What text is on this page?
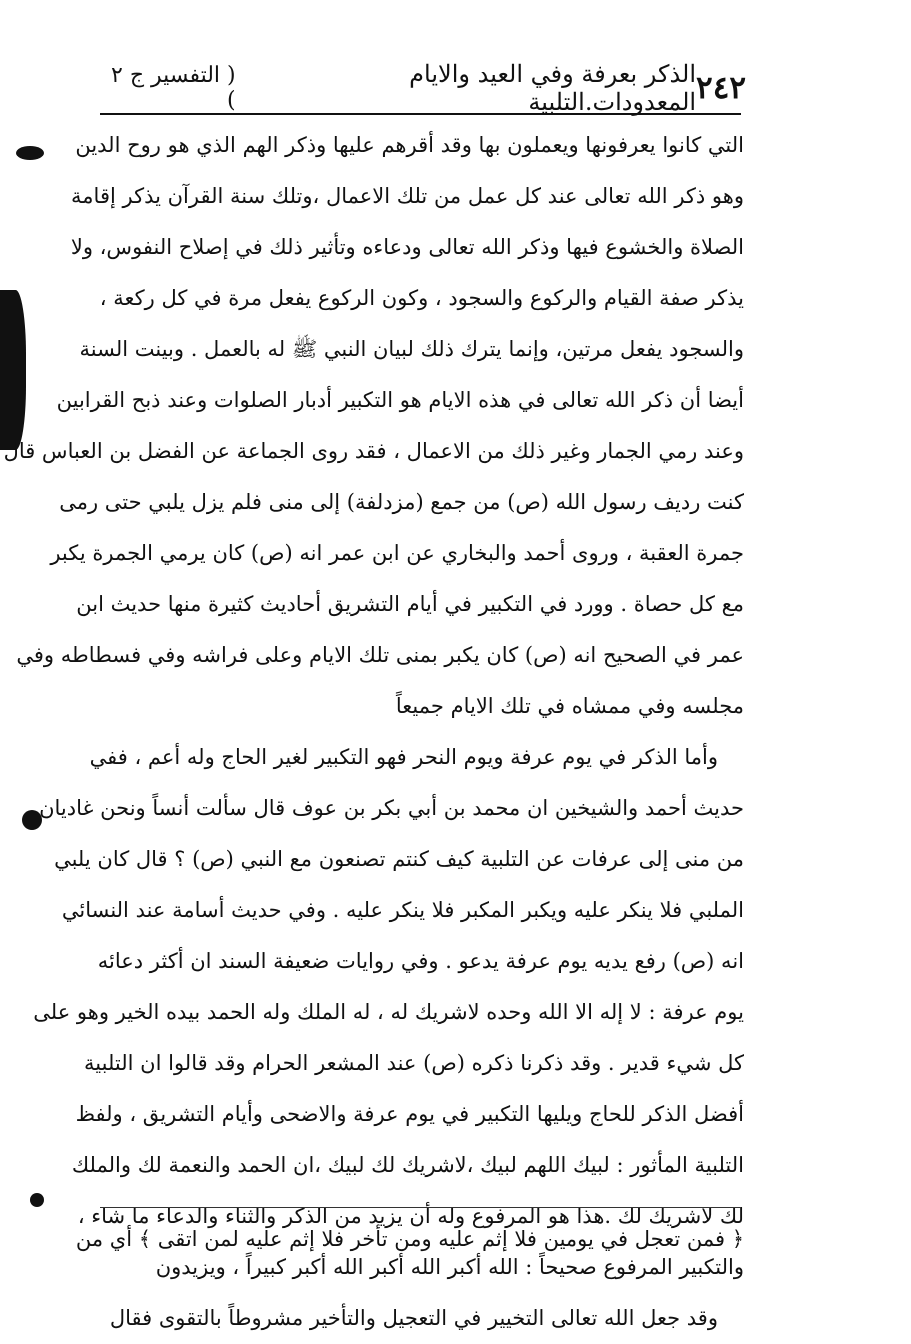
٢٤٢
الذكر بعرفة وفي العيد والايام المعدودات.التلبية
( التفسير ج ٢ )
التي كانوا يعرفونها ويعملون بها وقد أقرهم عليها وذكر الهم الذي هو روح الدين
وهو ذكر الله تعالى عند كل عمل من تلك الاعمال ،وتلك سنة القرآن يذكر إقامة
الصلاة والخشوع فيها وذكر الله تعالى ودعاءه وتأثير ذلك في إصلاح النفوس، ولا
يذكر صفة القيام والركوع والسجود ، وكون الركوع يفعل مرة في كل ركعة ،
والسجود يفعل مرتين، وإنما يترك ذلك لبيان النبي ﷺ له بالعمل . وبينت السنة
أيضا أن ذكر الله تعالى في هذه الايام هو التكبير أدبار الصلوات وعند ذبح القرابين
وعند رمي الجمار وغير ذلك من الاعمال ، فقد روى الجماعة عن الفضل بن العباس قال
كنت رديف رسول الله (ص) من جمع (مزدلفة) إلى منى فلم يزل يلبي حتى رمى
جمرة العقبة ، وروى أحمد والبخاري عن ابن عمر انه (ص) كان يرمي الجمرة يكبر
مع كل حصاة . وورد في التكبير في أيام التشريق أحاديث كثيرة منها حديث ابن
عمر في الصحيح انه (ص) كان يكبر بمنى تلك الايام وعلى فراشه وفي فسطاطه وفي
مجلسه وفي ممشاه في تلك الايام جميعاً
وأما الذكر في يوم عرفة ويوم النحر فهو التكبير لغير الحاج وله أعم ، ففي
حديث أحمد والشيخين ان محمد بن أبي بكر بن عوف قال سألت أنساً ونحن غاديان
من منى إلى عرفات عن التلبية كيف كنتم تصنعون مع النبي (ص) ؟ قال كان يلبي
الملبي فلا ينكر عليه ويكبر المكبر فلا ينكر عليه . وفي حديث أسامة عند النسائي
انه (ص) رفع يديه يوم عرفة يدعو . وفي روايات ضعيفة السند ان أكثر دعائه
يوم عرفة : لا إله الا الله وحده لاشريك له ، له الملك وله الحمد بيده الخير وهو على
كل شيء قدير . وقد ذكرنا ذكره (ص) عند المشعر الحرام وقد قالوا ان التلبية
أفضل الذكر للحاج ويليها التكبير في يوم عرفة والاضحى وأيام التشريق ، ولفظ
التلبية المأثور : لبيك اللهم لبيك ،لاشريك لك لبيك ،ان الحمد والنعمة لك والملك
لك لاشريك لك .هذا هو المرفوع وله أن يزيد من الذكر والثناء والدعاء ما شاء ،
والتكبير المرفوع صحيحاً : الله أكبر الله أكبر الله أكبر كبيراً ، ويزيدون
وقد جعل الله تعالى التخيير في التعجيل والتأخير مشروطاً بالتقوى فقال
﴿ فمن تعجل في يومين فلا إثم عليه ومن تأخر فلا إثم عليه لمن اتقى ﴾ أي من
